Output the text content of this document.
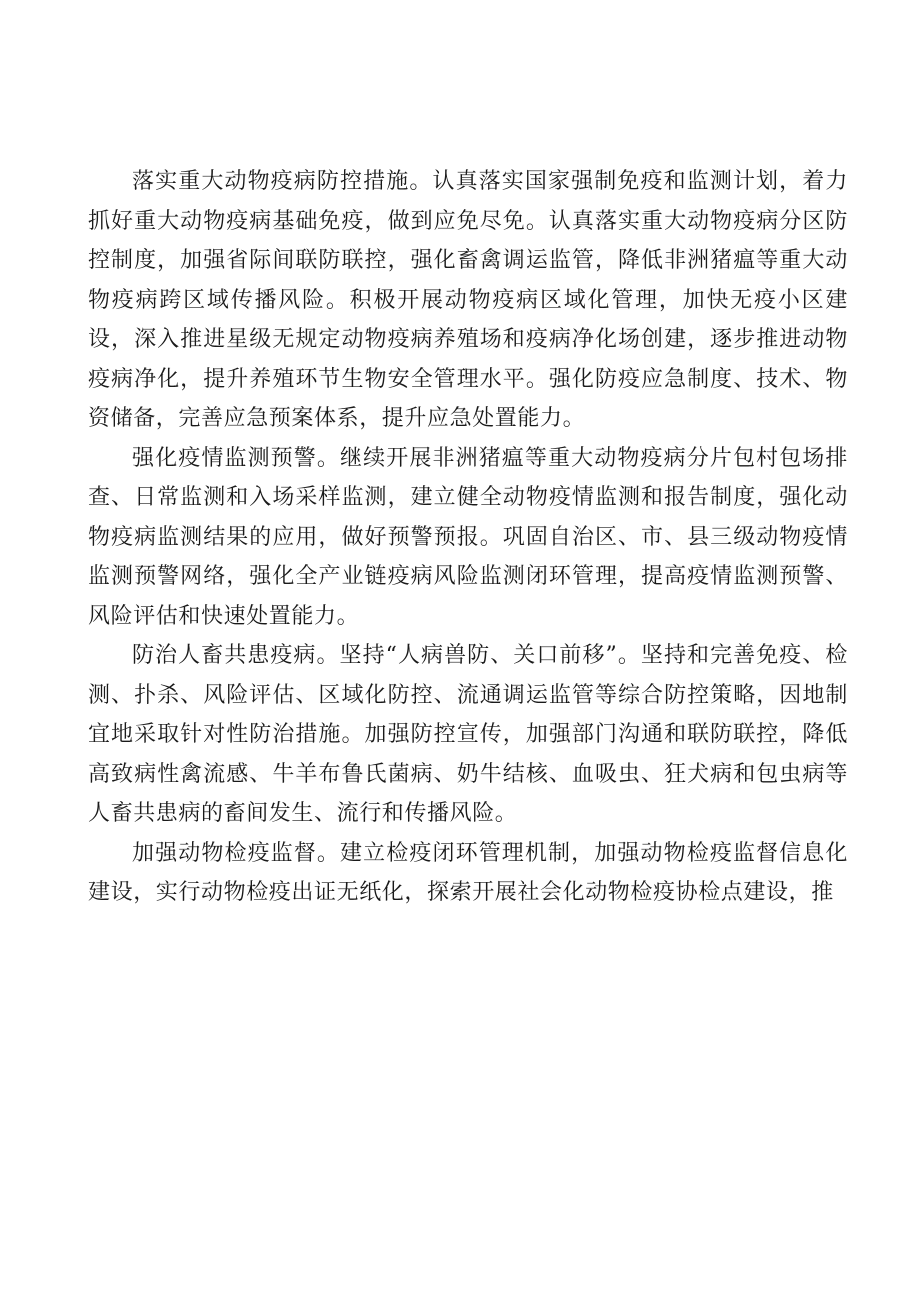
落实重大动物疫病防控措施。认真落实国家强制免疫和监测计划，着力抓好重大动物疫病基础免疫，做到应免尽免。认真落实重大动物疫病分区防控制度，加强省际间联防联控，强化畜禽调运监管，降低非洲猪瘟等重大动物疫病跨区域传播风险。积极开展动物疫病区域化管理，加快无疫小区建设，深入推进星级无规定动物疫病养殖场和疫病净化场创建，逐步推进动物疫病净化，提升养殖环节生物安全管理水平。强化防疫应急制度、技术、物资储备，完善应急预案体系，提升应急处置能力。

强化疫情监测预警。继续开展非洲猪瘟等重大动物疫病分片包村包场排查、日常监测和入场采样监测，建立健全动物疫情监测和报告制度，强化动物疫病监测结果的应用，做好预警预报。巩固自治区、市、县三级动物疫情监测预警网络，强化全产业链疫病风险监测闭环管理，提高疫情监测预警、风险评估和快速处置能力。

防治人畜共患疫病。坚持“人病兽防、关口前移”。坚持和完善免疫、检测、扑杀、风险评估、区域化防控、流通调运监管等综合防控策略，因地制宜地采取针对性防治措施。加强防控宣传，加强部门沟通和联防联控，降低高致病性禽流感、牛羊布鲁氏菌病、奶牛结核、血吸虫、狂犬病和包虫病等人畜共患病的畜间发生、流行和传播风险。

加强动物检疫监督。建立检疫闭环管理机制，加强动物检疫监督信息化建设，实行动物检疫出证无纸化，探索开展社会化动物检疫协检点建设，推
